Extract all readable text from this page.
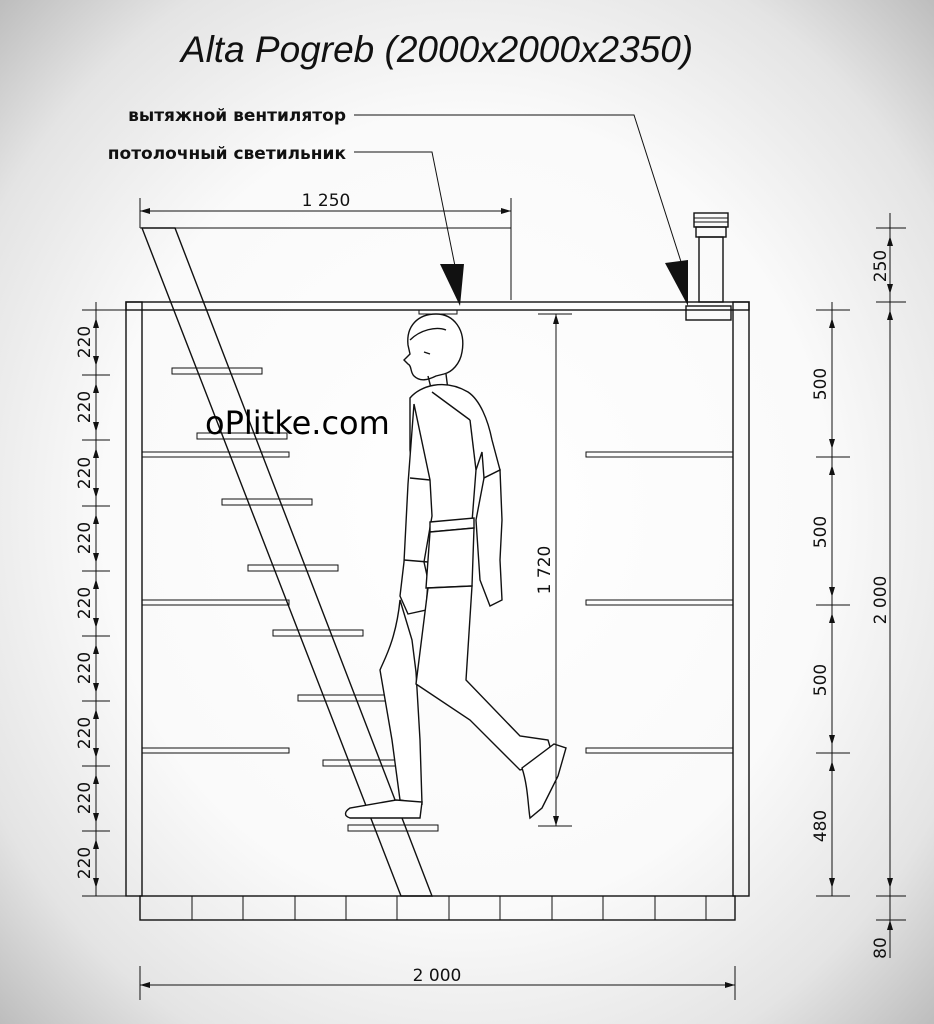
Alta Pogreb (2000x2000x2350)
вытяжной вентилятор
потолочный светильник
1 250
1 720
oPlitke.com
220
220
220
220
220
220
220
220
220
500
500
500
480
250
2 000
80
2 000
